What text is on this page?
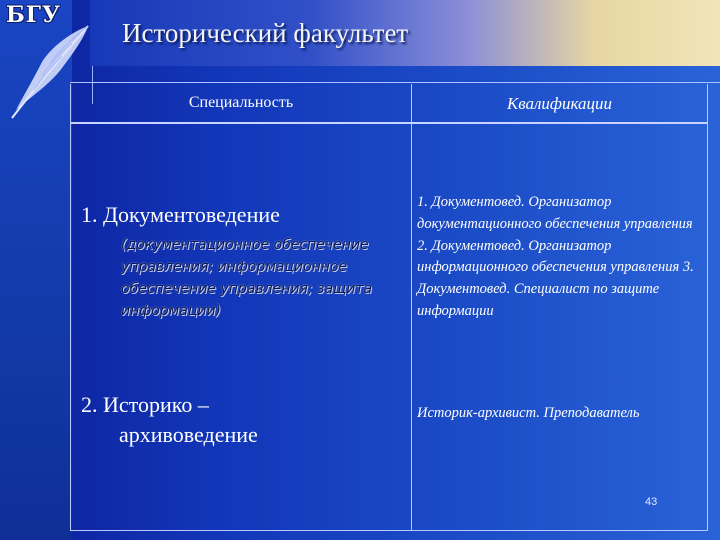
БГУ
Исторический факультет
Специальность	Квалификации
1. Документоведение
(документационное обеспечение управления; информационное обеспечение управления; защита информации)
2. Историко –
архивоведение
1. Документовед. Организатор документационного обеспечения управления 2. Документовед. Организатор информационного обеспечения управления 3. Документовед. Специалист по защите информации
Историк-архивист. Преподаватель
43
